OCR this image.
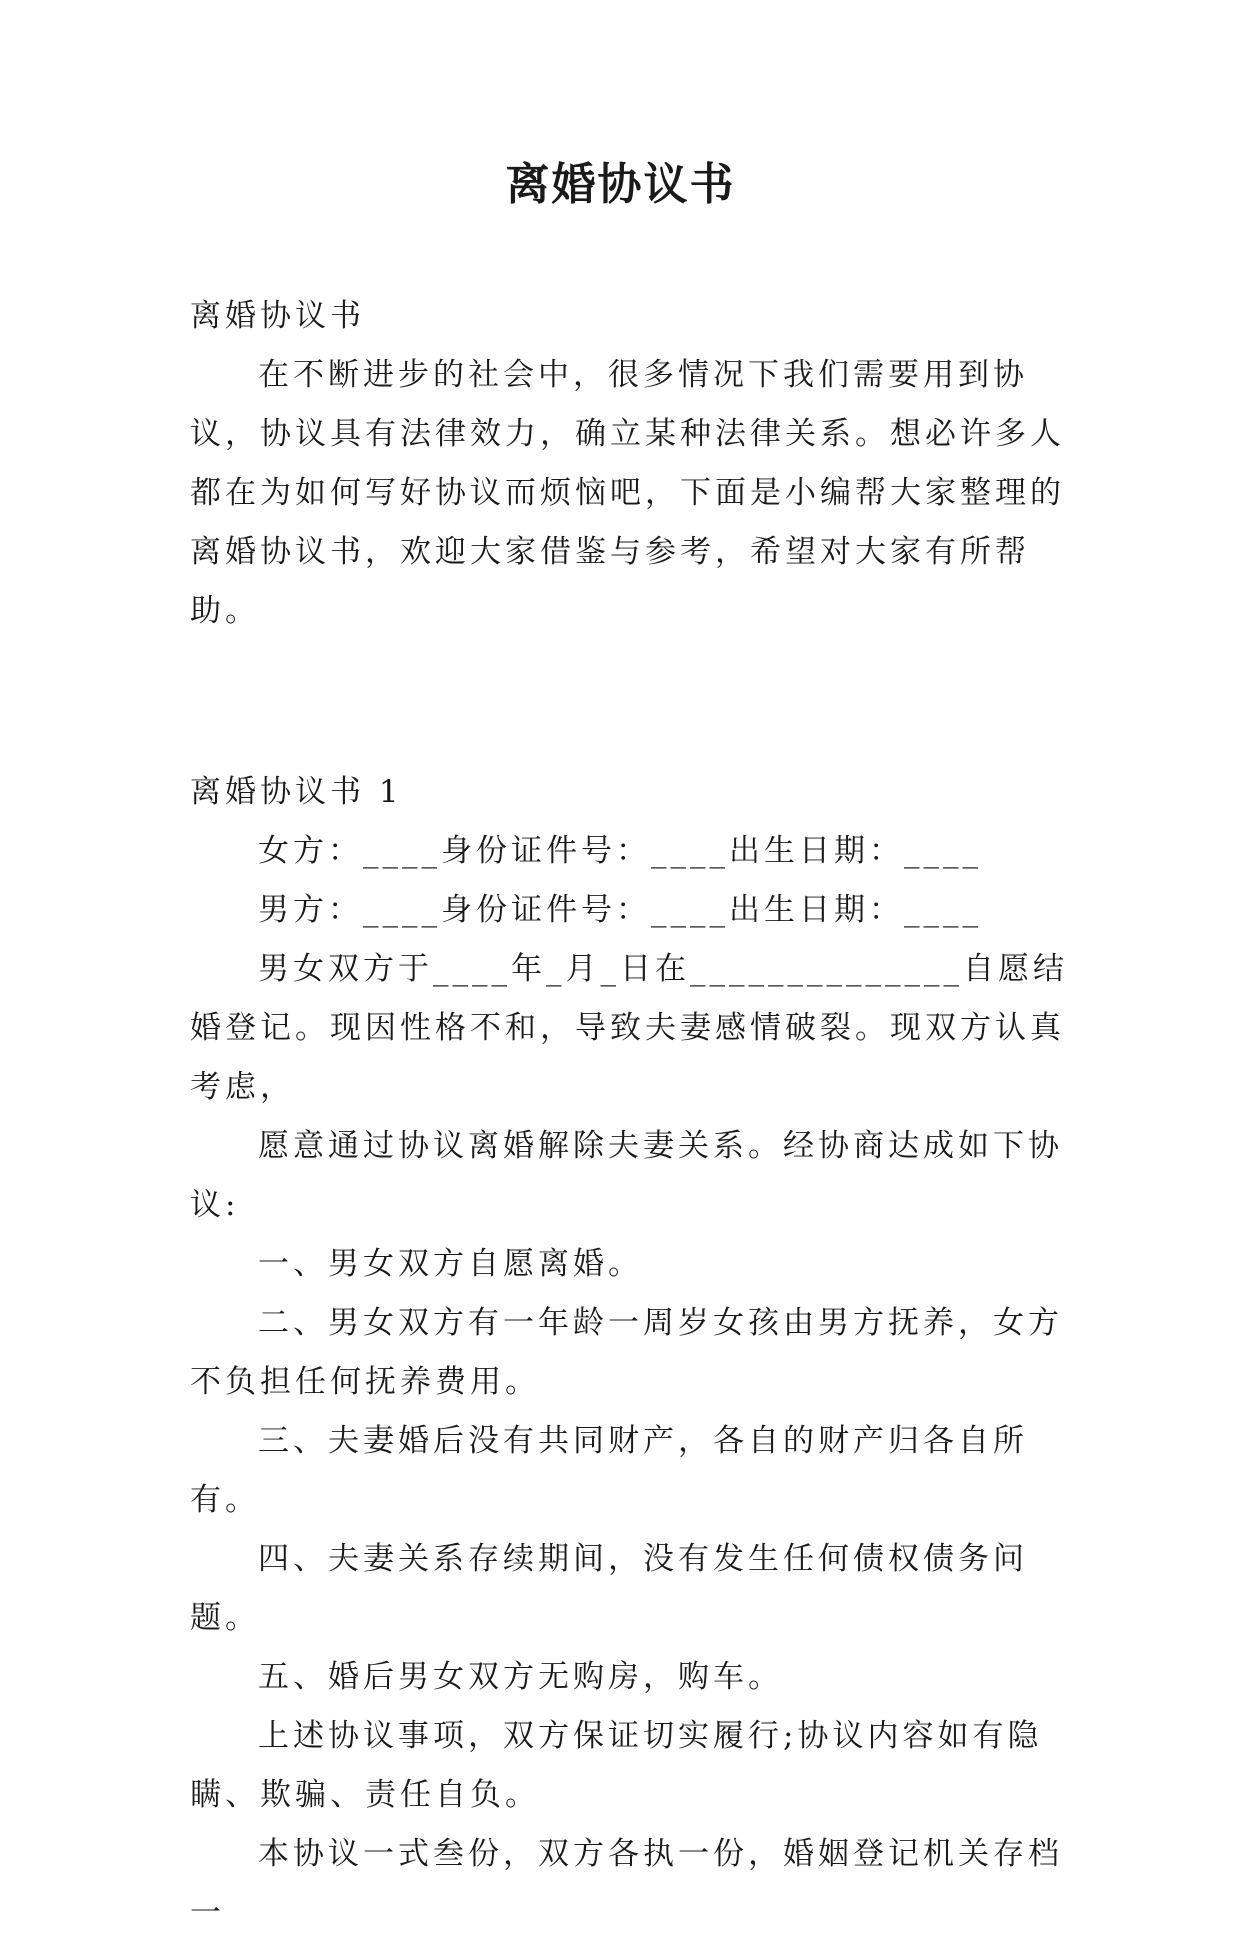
离婚协议书

离婚协议书

在不断进步的社会中，很多情况下我们需要用到协议，协议具有法律效力，确立某种法律关系。想必许多人都在为如何写好协议而烦恼吧，下面是小编帮大家整理的离婚协议书，欢迎大家借鉴与参考，希望对大家有所帮助。

离婚协议书 1

女方：____身份证件号：____出生日期：____

男方：____身份证件号：____出生日期：____

男女双方于____年_月_日在______________自愿结婚登记。现因性格不和，导致夫妻感情破裂。现双方认真考虑，

愿意通过协议离婚解除夫妻关系。经协商达成如下协议:

一、男女双方自愿离婚。

二、男女双方有一年龄一周岁女孩由男方抚养，女方不负担任何抚养费用。

三、夫妻婚后没有共同财产，各自的财产归各自所有。

四、夫妻关系存续期间，没有发生任何债权债务问题。

五、婚后男女双方无购房，购车。

上述协议事项，双方保证切实履行;协议内容如有隐瞒、欺骗、责任自负。

本协议一式叁份，双方各执一份，婚姻登记机关存档一
